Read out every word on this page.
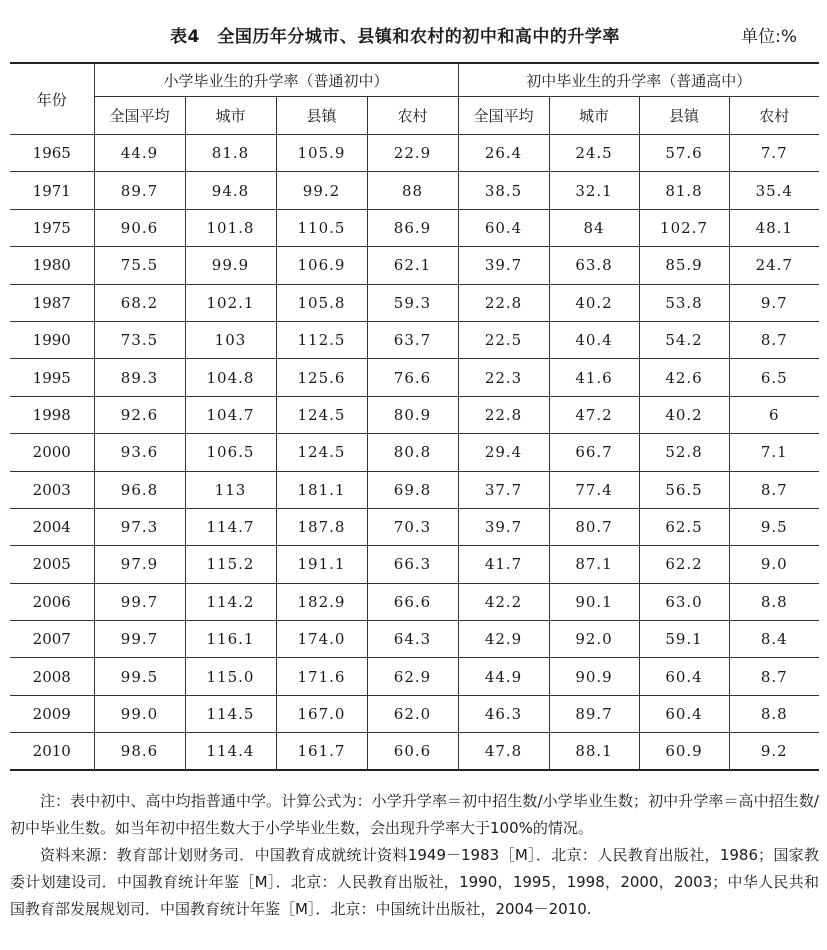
表4　全国历年分城市、县镇和农村的初中和高中的升学率	单位:%
年份	小学毕业生的升学率（普通初中）				初中毕业生的升学率（普通高中）			
	全国平均	城市	县镇	农村	全国平均	城市	县镇	农村
1965	44.9	81.8	105.9	22.9	26.4	24.5	57.6	7.7
1971	89.7	94.8	99.2	88	38.5	32.1	81.8	35.4
1975	90.6	101.8	110.5	86.9	60.4	84	102.7	48.1
1980	75.5	99.9	106.9	62.1	39.7	63.8	85.9	24.7
1987	68.2	102.1	105.8	59.3	22.8	40.2	53.8	9.7
1990	73.5	103	112.5	63.7	22.5	40.4	54.2	8.7
1995	89.3	104.8	125.6	76.6	22.3	41.6	42.6	6.5
1998	92.6	104.7	124.5	80.9	22.8	47.2	40.2	6
2000	93.6	106.5	124.5	80.8	29.4	66.7	52.8	7.1
2003	96.8	113	181.1	69.8	37.7	77.4	56.5	8.7
2004	97.3	114.7	187.8	70.3	39.7	80.7	62.5	9.5
2005	97.9	115.2	191.1	66.3	41.7	87.1	62.2	9.0
2006	99.7	114.2	182.9	66.6	42.2	90.1	63.0	8.8
2007	99.7	116.1	174.0	64.3	42.9	92.0	59.1	8.4
2008	99.5	115.0	171.6	62.9	44.9	90.9	60.4	8.7
2009	99.0	114.5	167.0	62.0	46.3	89.7	60.4	8.8
2010	98.6	114.4	161.7	60.6	47.8	88.1	60.9	9.2

注：表中初中、高中均指普通中学。计算公式为：小学升学率＝初中招生数/小学毕业生数；初中升学率＝高中招生数/初中毕业生数。如当年初中招生数大于小学毕业生数，会出现升学率大于100%的情况。

资料来源：教育部计划财务司．中国教育成就统计资料1949－1983［M］．北京：人民教育出版社，1986；国家教委计划建设司．中国教育统计年鉴［M］．北京：人民教育出版社，1990，1995，1998，2000，2003；中华人民共和国教育部发展规划司．中国教育统计年鉴［M］．北京：中国统计出版社，2004－2010.
